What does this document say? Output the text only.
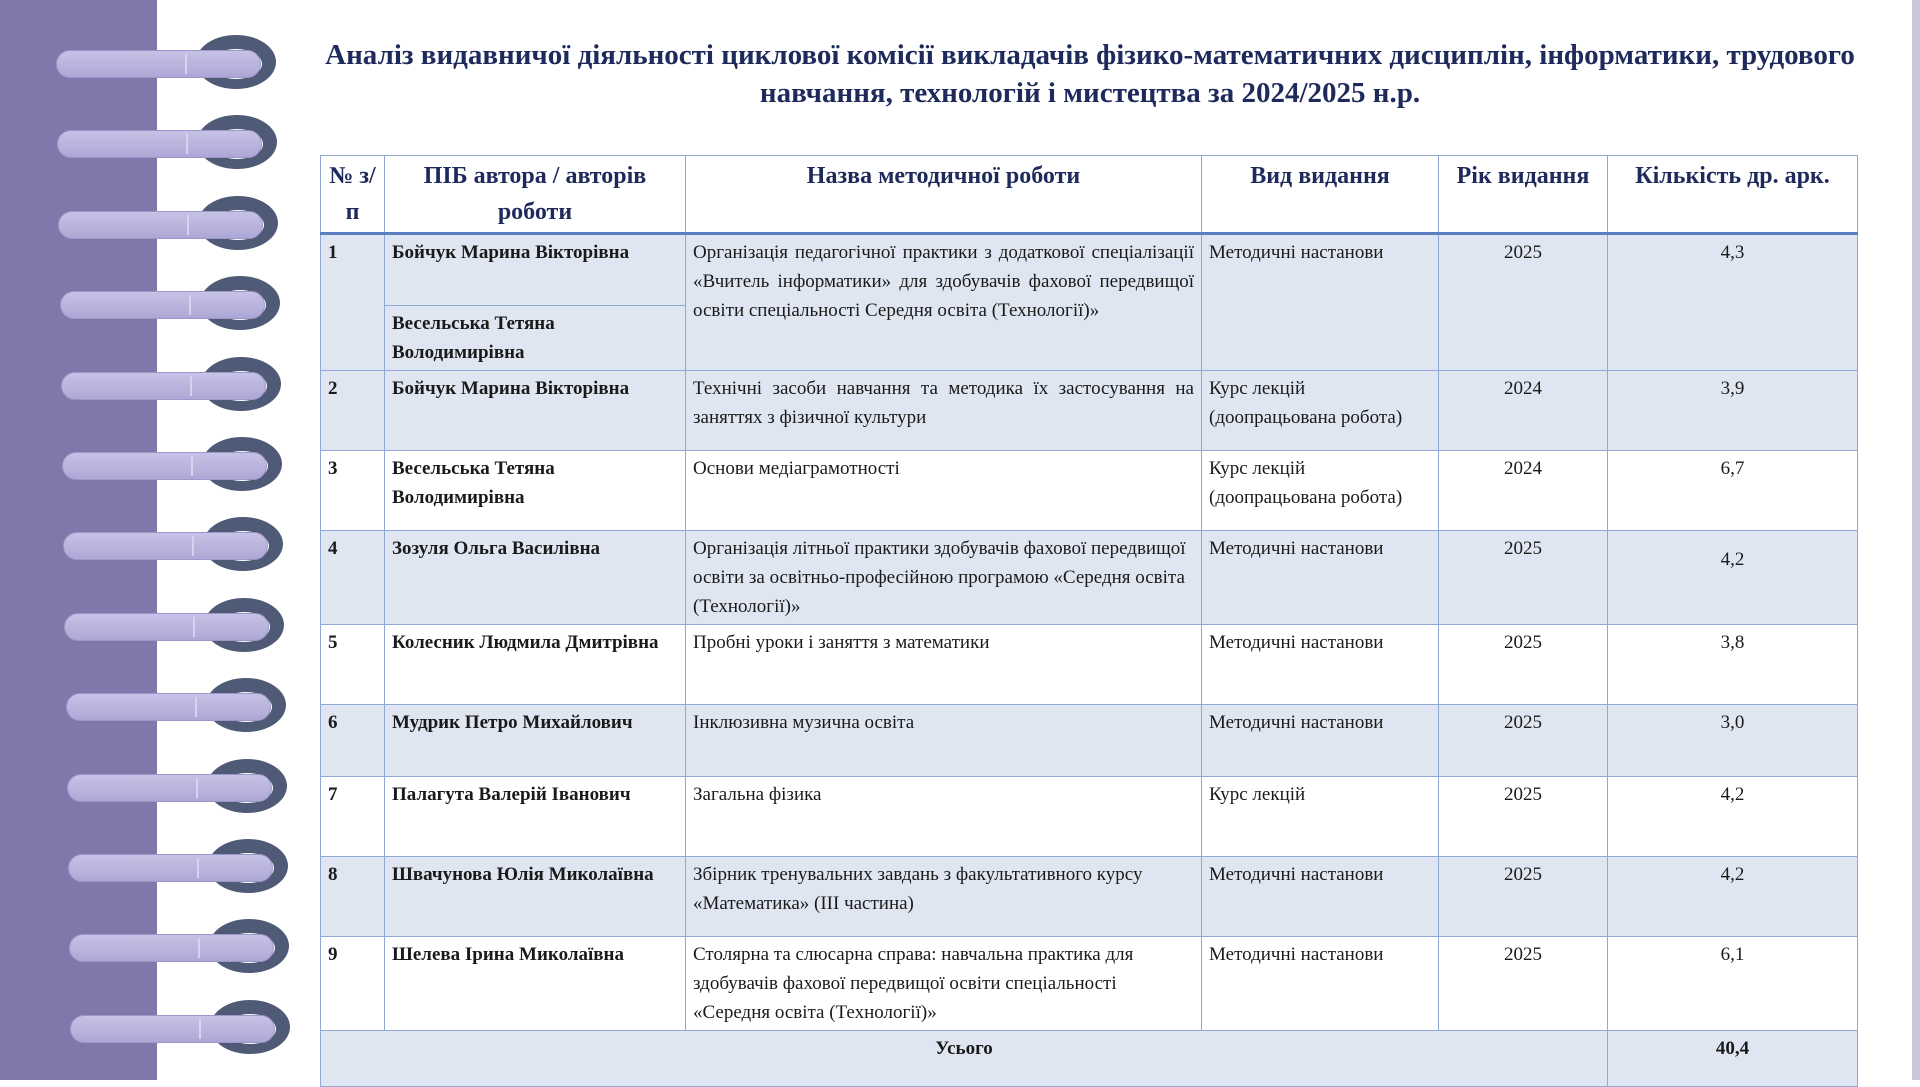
Аналіз видавничої діяльності циклової комісії викладачів фізико-математичних дисциплін, інформатики, трудового навчання, технологій і мистецтва за 2024/2025 н.р.
№ з/п	ПІБ автора / авторів роботи	Назва методичної роботи	Вид видання	Рік видання	Кількість др. арк.
1	Бойчук Марина Вікторівна	Організація педагогічної практики з додаткової спеціалізації «Вчитель інформатики» для здобувачів фахової передвищої освіти спеціальності Середня освіта (Технології)»	Методичні настанови	2025	4,3
	Весельська Тетяна Володимирівна				
2	Бойчук Марина Вікторівна	Технічні засоби навчання та методика їх застосування на заняттях з фізичної культури	Курс лекцій (доопрацьована робота)	2024	3,9
3	Весельська Тетяна Володимирівна	Основи медіаграмотності	Курс лекцій (доопрацьована робота)	2024	6,7
4	Зозуля Ольга Василівна	Організація літньої практики здобувачів фахової передвищої освіти за освітньо-професійною програмою «Середня освіта (Технології)»	Методичні настанови	2025	4,2
5	Колесник Людмила Дмитрівна	Пробні уроки і заняття з математики	Методичні настанови	2025	3,8
6	Мудрик Петро Михайлович	Інклюзивна музична освіта	Методичні настанови	2025	3,0
7	Палагута Валерій Іванович	Загальна фізика	Курс лекцій	2025	4,2
8	Швачунова Юлія Миколаївна	Збірник тренувальних завдань з факультативного курсу «Математика» (ІІІ частина)	Методичні настанови	2025	4,2
9	Шелева Ірина Миколаївна	Столярна та слюсарна справа: навчальна практика для здобувачів фахової передвищої освіти спеціальності «Середня освіта (Технології)»	Методичні настанови	2025	6,1
Усього					40,4
